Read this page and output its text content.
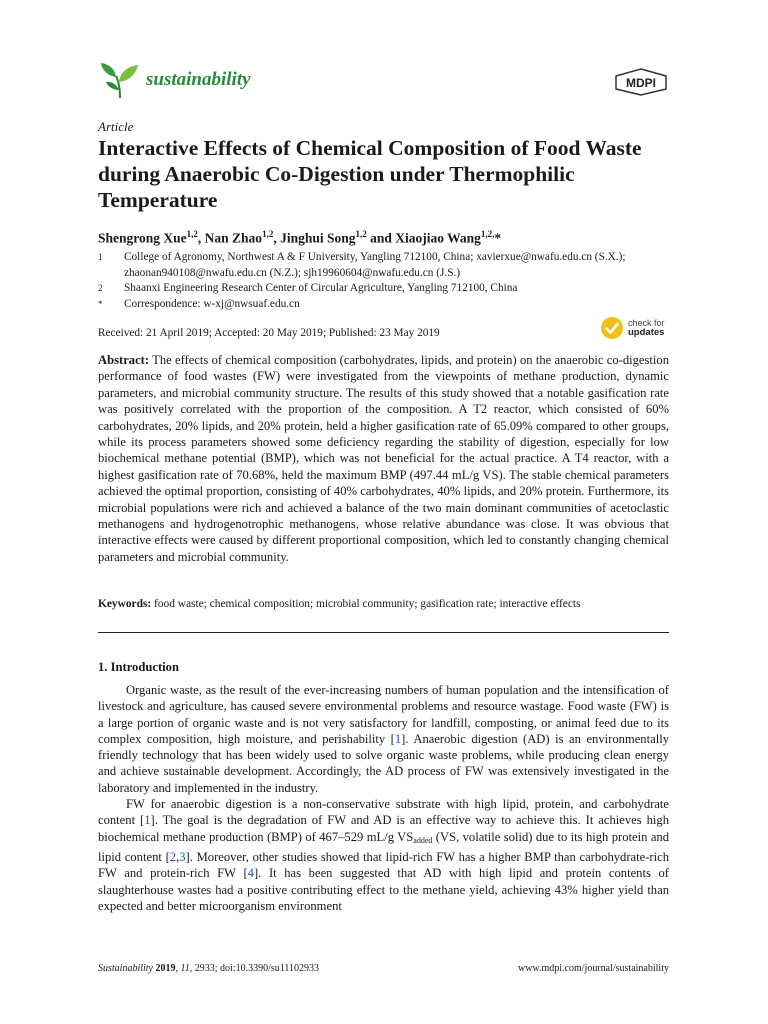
sustainability	MDPI
Article
Interactive Effects of Chemical Composition of Food Waste during Anaerobic Co-Digestion under Thermophilic Temperature
Shengrong Xue$^{1,2}$, Nan Zhao$^{1,2}$, Jinghui Song$^{1,2}$ and Xiaojiao Wang$^{1,2,}$*
1	College of Agronomy, Northwest A & F University, Yangling 712100, China; xavierxue@nwafu.edu.cn (S.X.); zhaonan940108@nwafu.edu.cn (N.Z.); sjh19960604@nwafu.edu.cn (J.S.)
2	Shaanxi Engineering Research Center of Circular Agriculture, Yangling 712100, China
*	Correspondence: w-xj@nwsuaf.edu.cn
Received: 21 April 2019; Accepted: 20 May 2019; Published: 23 May 2019
check for
updates
Abstract: The effects of chemical composition (carbohydrates, lipids, and protein) on the anaerobic co-digestion performance of food wastes (FW) were investigated from the viewpoints of methane production, dynamic parameters, and microbial community structure. The results of this study showed that a notable gasification rate was positively correlated with the proportion of the composition. A T2 reactor, which consisted of 60% carbohydrates, 20% lipids, and 20% protein, held a higher gasification rate of 65.09% compared to other groups, while its process parameters showed some deficiency regarding the stability of digestion, especially for low biochemical methane potential (BMP), which was not beneficial for the actual practice. A T4 reactor, with a highest gasification rate of 70.68%, held the maximum BMP (497.44 mL/g VS). The stable chemical parameters achieved the optimal proportion, consisting of 40% carbohydrates, 40% lipids, and 20% protein. Furthermore, its microbial populations were rich and achieved a balance of the two main dominant communities of acetoclastic methanogens and hydrogenotrophic methanogens, whose relative abundance was close. It was obvious that interactive effects were caused by different proportional composition, which led to constantly changing chemical parameters and microbial community.
Keywords: food waste; chemical composition; microbial community; gasification rate; interactive effects
1. Introduction

Organic waste, as the result of the ever-increasing numbers of human population and the intensification of livestock and agriculture, has caused severe environmental problems and resource wastage. Food waste (FW) is a large portion of organic waste and is not very satisfactory for landfill, composting, or animal feed due to its complex composition, high moisture, and perishability [1]. Anaerobic digestion (AD) is an environmentally friendly technology that has been widely used to solve organic waste problems, while producing clean energy and achieve sustainable development. Accordingly, the AD process of FW was extensively investigated in the laboratory and implemented in the industry.

FW for anaerobic digestion is a non-conservative substrate with high lipid, protein, and carbohydrate content [1]. The goal is the degradation of FW and AD is an effective way to achieve this. It achieves high biochemical methane production (BMP) of 467–529 mL/g $VS_{added}$ (VS, volatile solid) due to its high protein and lipid content [2,3]. Moreover, other studies showed that lipid-rich FW has a higher BMP than carbohydrate-rich FW and protein-rich FW [4]. It has been suggested that AD with high lipid and protein contents of slaughterhouse wastes had a positive contributing effect to the methane yield, achieving 43% higher yield than expected and better microorganism environment

Sustainability 2019, 11, 2933; doi:10.3390/su11102933	www.mdpi.com/journal/sustainability
